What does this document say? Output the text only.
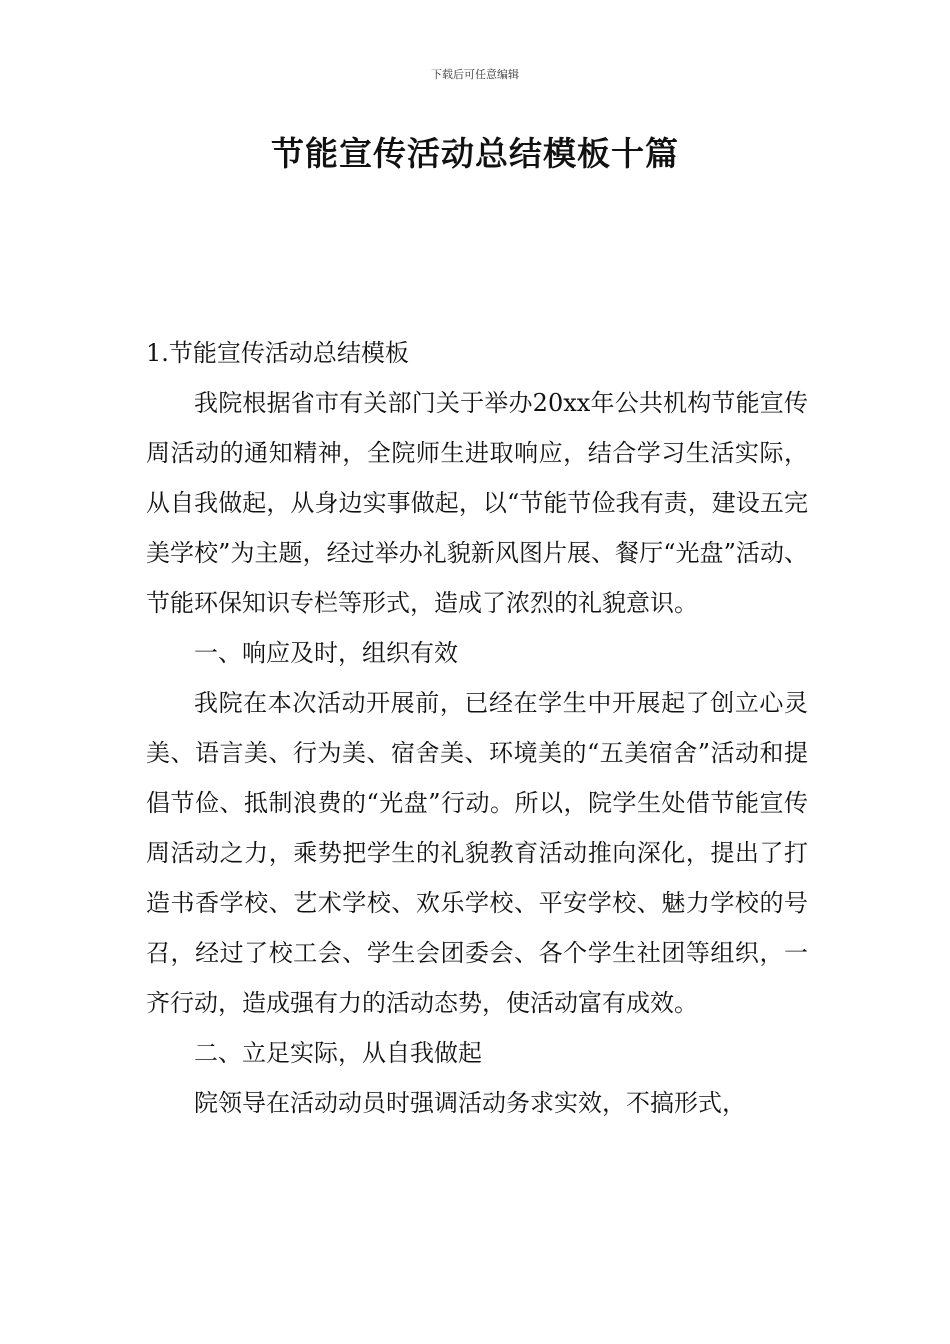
下载后可任意编辑
节能宣传活动总结模板十篇

1.节能宣传活动总结模板

我院根据省市有关部门关于举办20xx年公共机构节能宣传周活动的通知精神，全院师生进取响应，结合学习生活实际，从自我做起，从身边实事做起，以“节能节俭我有责，建设五完美学校”为主题，经过举办礼貌新风图片展、餐厅“光盘”活动、节能环保知识专栏等形式，造成了浓烈的礼貌意识。

一、响应及时，组织有效

我院在本次活动开展前，已经在学生中开展起了创立心灵美、语言美、行为美、宿舍美、环境美的“五美宿舍”活动和提倡节俭、抵制浪费的“光盘”行动。所以，院学生处借节能宣传周活动之力，乘势把学生的礼貌教育活动推向深化，提出了打造书香学校、艺术学校、欢乐学校、平安学校、魅力学校的号召，经过了校工会、学生会团委会、各个学生社团等组织，一齐行动，造成强有力的活动态势，使活动富有成效。

二、立足实际，从自我做起

院领导在活动动员时强调活动务求实效，不搞形式，
